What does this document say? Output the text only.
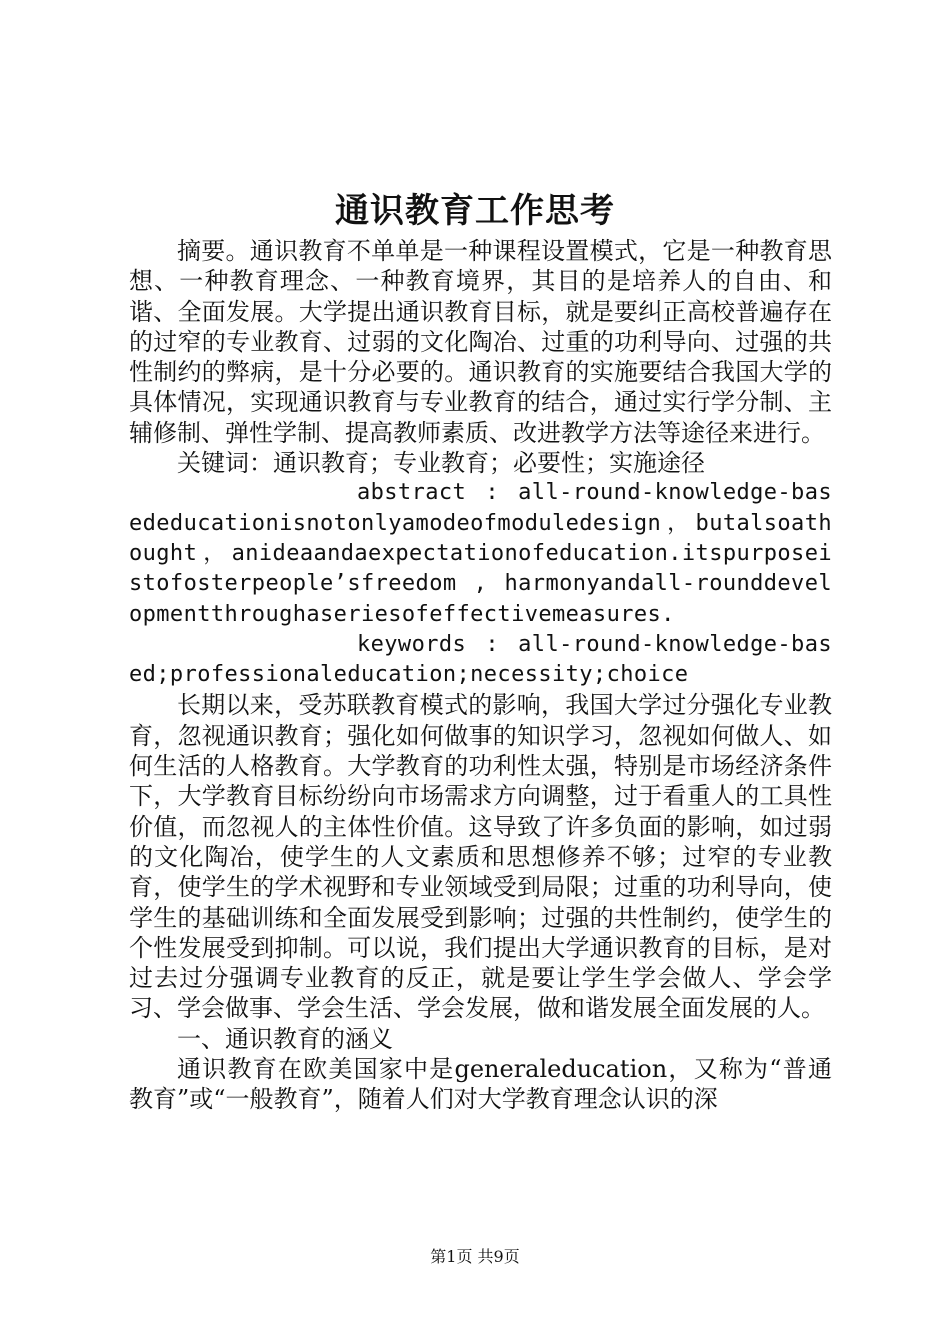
通识教育工作思考

摘要。通识教育不单单是一种课程设置模式，它是一种教育思想、一种教育理念、一种教育境界，其目的是培养人的自由、和谐、全面发展。大学提出通识教育目标，就是要纠正高校普遍存在的过窄的专业教育、过弱的文化陶冶、过重的功利导向、过强的共性制约的弊病，是十分必要的。通识教育的实施要结合我国大学的具体情况，实现通识教育与专业教育的结合，通过实行学分制、主辅修制、弹性学制、提高教师素质、改进教学方法等途径来进行。

关键词：通识教育；专业教育；必要性；实施途径

abstract : all-round-knowledge-basededucationisnotonlyamodeofmoduledesign，butalsoathought，anideaandaexpectationofeducation.itspurposeistofosterpeople’sfreedom , harmonyandall-rounddevelopmentthroughaseriesofeffectivemeasures.

keywords : all-round-knowledge-based;professionaleducation;necessity;choice

长期以来，受苏联教育模式的影响，我国大学过分强化专业教育，忽视通识教育；强化如何做事的知识学习，忽视如何做人、如何生活的人格教育。大学教育的功利性太强，特别是市场经济条件下，大学教育目标纷纷向市场需求方向调整，过于看重人的工具性价值，而忽视人的主体性价值。这导致了许多负面的影响，如过弱的文化陶冶，使学生的人文素质和思想修养不够；过窄的专业教育，使学生的学术视野和专业领域受到局限；过重的功利导向，使学生的基础训练和全面发展受到影响；过强的共性制约，使学生的个性发展受到抑制。可以说，我们提出大学通识教育的目标，是对过去过分强调专业教育的反正，就是要让学生学会做人、学会学习、学会做事、学会生活、学会发展，做和谐发展全面发展的人。

一、通识教育的涵义

通识教育在欧美国家中是generaleducation，又称为“普通教育”或“一般教育”，随着人们对大学教育理念认识的深

第1页 共9页
